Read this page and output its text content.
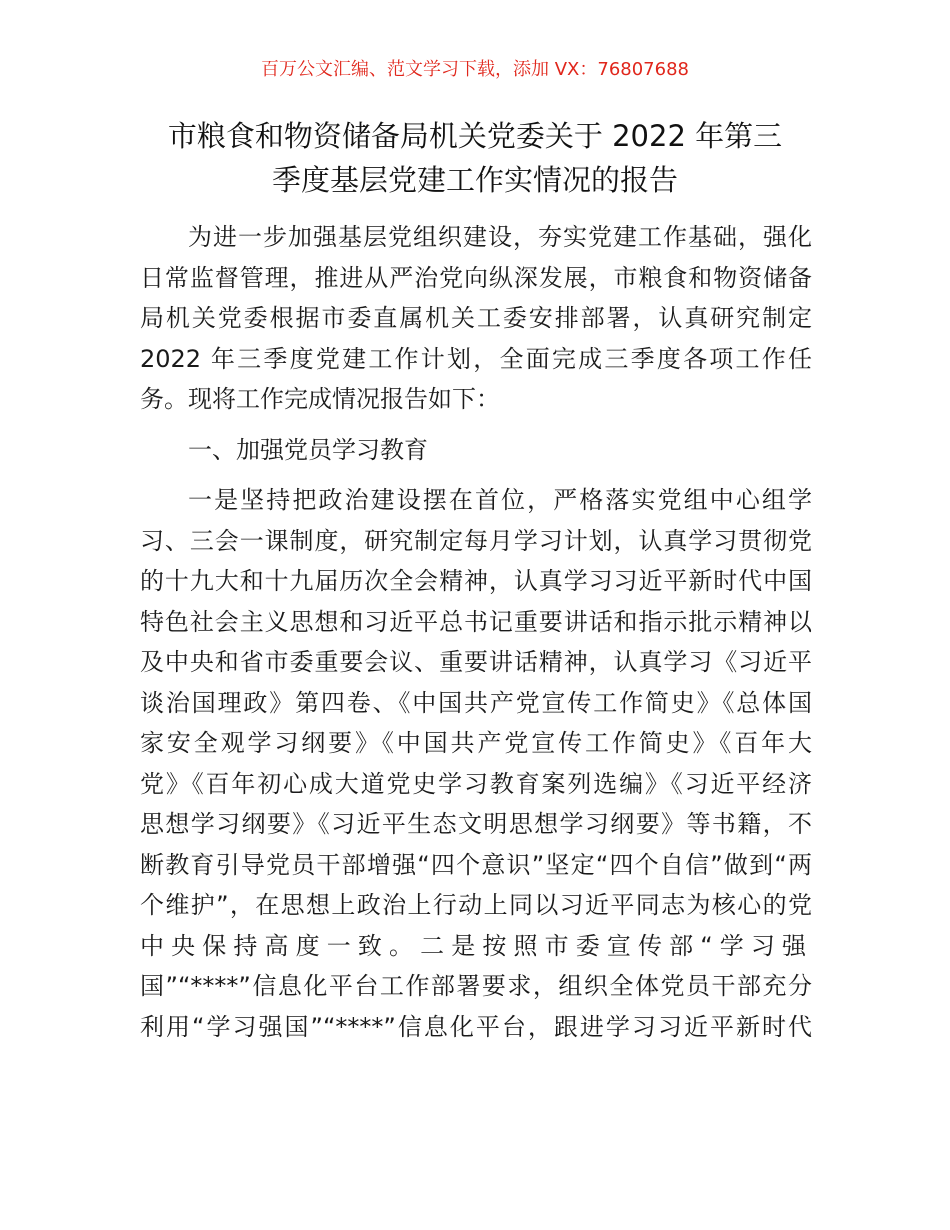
百万公文汇编、范文学习下载，添加 VX：76807688
市粮食和物资储备局机关党委关于 2022 年第三
季度基层党建工作实情况的报告
为进一步加强基层党组织建设，夯实党建工作基础，强化
日常监督管理，推进从严治党向纵深发展，市粮食和物资储备
局机关党委根据市委直属机关工委安排部署，认真研究制定
2022 年三季度党建工作计划，全面完成三季度各项工作任
务。现将工作完成情况报告如下：
一、加强党员学习教育
一是坚持把政治建设摆在首位，严格落实党组中心组学
习、三会一课制度，研究制定每月学习计划，认真学习贯彻党
的十九大和十九届历次全会精神，认真学习习近平新时代中国
特色社会主义思想和习近平总书记重要讲话和指示批示精神以
及中央和省市委重要会议、重要讲话精神，认真学习《习近平
谈治国理政》第四卷、《中国共产党宣传工作简史》《总体国
家安全观学习纲要》《中国共产党宣传工作简史》《百年大
党》《百年初心成大道党史学习教育案列选编》《习近平经济
思想学习纲要》《习近平生态文明思想学习纲要》等书籍，不
断教育引导党员干部增强“四个意识”坚定“四个自信”做到“两
个维护”，在思想上政治上行动上同以习近平同志为核心的党
中央保持高度一致。二是按照市委宣传部“学习强
国”“****”信息化平台工作部署要求，组织全体党员干部充分
利用“学习强国”“****”信息化平台，跟进学习习近平新时代
